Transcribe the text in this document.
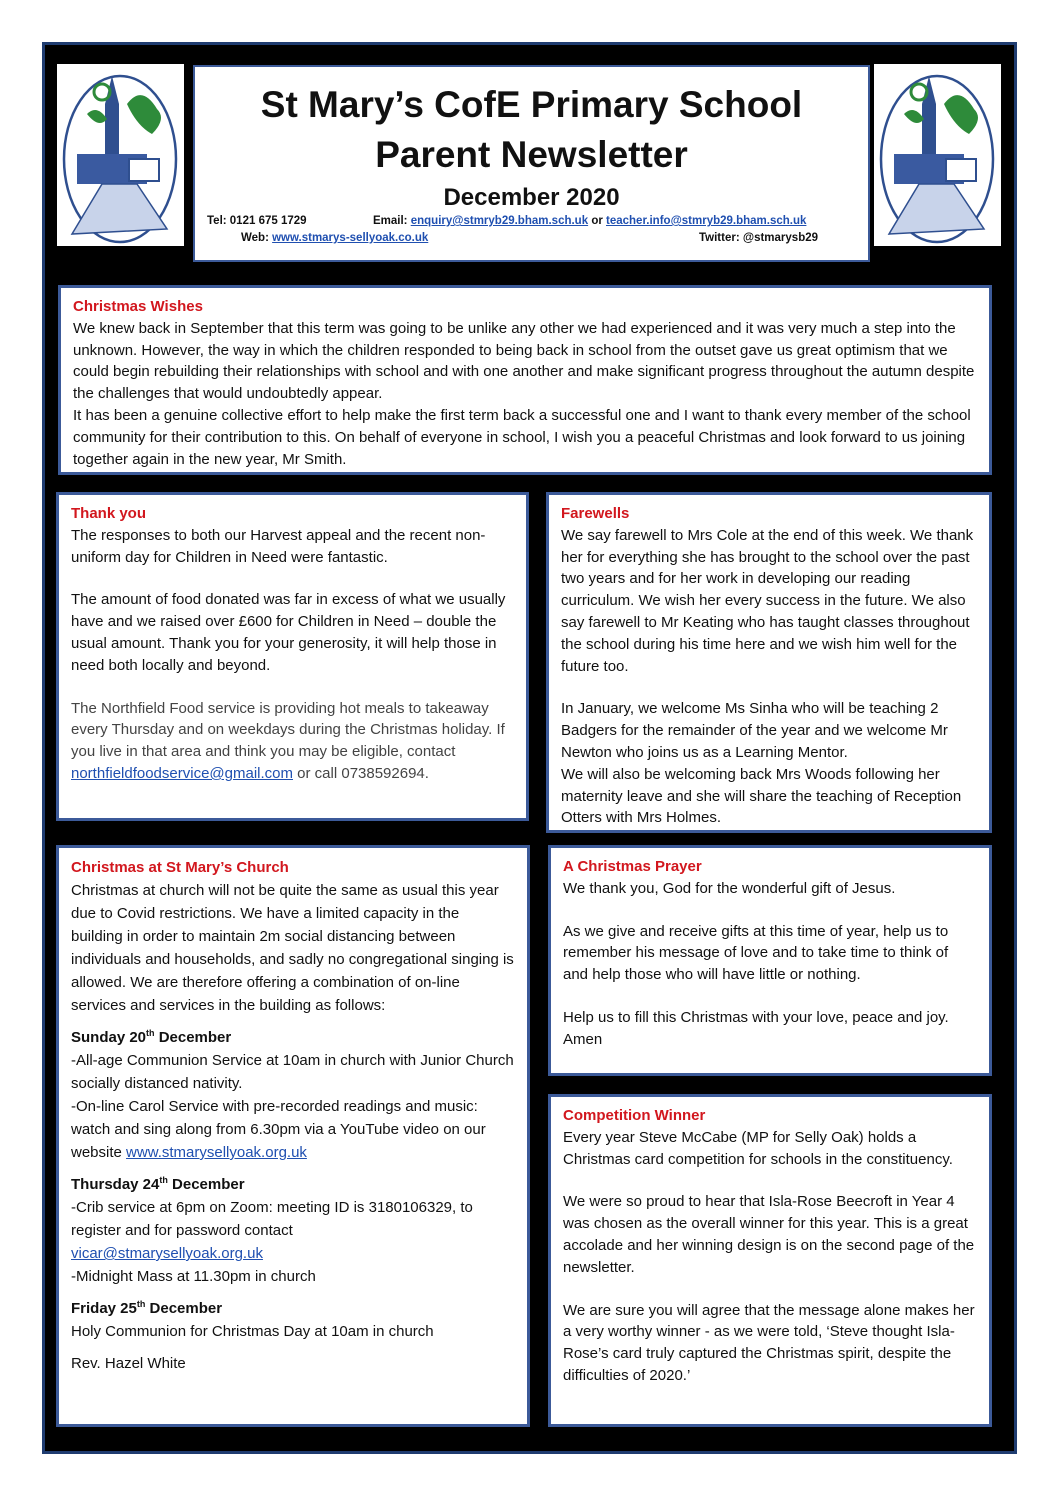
St Mary’s CofE Primary School
Parent Newsletter
December 2020
Tel: 0121 675 1729	Email: enquiry@stmryb29.bham.sch.uk or teacher.info@stmryb29.bham.sch.uk
Web: www.stmarys-sellyoak.co.uk	Twitter: @stmarysb29
Christmas Wishes

We knew back in September that this term was going to be unlike any other we had experienced and it was very much a step into the unknown. However, the way in which the children responded to being back in school from the outset gave us great optimism that we could begin rebuilding their relationships with school and with one another and make significant progress throughout the autumn despite the challenges that would undoubtedly appear.

It has been a genuine collective effort to help make the first term back a successful one and I want to thank every member of the school community for their contribution to this. On behalf of everyone in school, I wish you a peaceful Christmas and look forward to us joining together again in the new year, Mr Smith.

Thank you

The responses to both our Harvest appeal and the recent non-uniform day for Children in Need were fantastic.

The amount of food donated was far in excess of what we usually have and we raised over £600 for Children in Need – double the usual amount. Thank you for your generosity, it will help those in need both locally and beyond.

The Northfield Food service is providing hot meals to takeaway every Thursday and on weekdays during the Christmas holiday. If you live in that area and think you may be eligible, contact northfieldfoodservice@gmail.com or call 0738592694.

Farewells

We say farewell to Mrs Cole at the end of this week. We thank her for everything she has brought to the school over the past two years and for her work in developing our reading curriculum. We wish her every success in the future. We also say farewell to Mr Keating who has taught classes throughout the school during his time here and we wish him well for the future too.

In January, we welcome Ms Sinha who will be teaching 2 Badgers for the remainder of the year and we welcome Mr Newton who joins us as a Learning Mentor.

We will also be welcoming back Mrs Woods following her maternity leave and she will share the teaching of Reception Otters with Mrs Holmes.

Christmas at St Mary’s Church

Christmas at church will not be quite the same as usual this year due to Covid restrictions. We have a limited capacity in the building in order to maintain 2m social distancing between individuals and households, and sadly no congregational singing is allowed. We are therefore offering a combination of on-line services and services in the building as follows:

Sunday 20th December

-All-age Communion Service at 10am in church with Junior Church socially distanced nativity.

-On-line Carol Service with pre-recorded readings and music: watch and sing along from 6.30pm via a YouTube video on our website www.stmarysellyoak.org.uk

Thursday 24th December

-Crib service at 6pm on Zoom: meeting ID is 3180106329, to register and for password contact

vicar@stmarysellyoak.org.uk

-Midnight Mass at 11.30pm in church

Friday 25th December

Holy Communion for Christmas Day at 10am in church

Rev. Hazel White

A Christmas Prayer

We thank you, God for the wonderful gift of Jesus.

As we give and receive gifts at this time of year, help us to remember his message of love and to take time to think of and help those who will have little or nothing.

Help us to fill this Christmas with your love, peace and joy.

Amen

Competition Winner

Every year Steve McCabe (MP for Selly Oak) holds a Christmas card competition for schools in the constituency.

We were so proud to hear that Isla-Rose Beecroft in Year 4 was chosen as the overall winner for this year. This is a great accolade and her winning design is on the second page of the newsletter.

We are sure you will agree that the message alone makes her a very worthy winner - as we were told, ‘Steve thought Isla-Rose’s card truly captured the Christmas spirit, despite the difficulties of 2020.’
